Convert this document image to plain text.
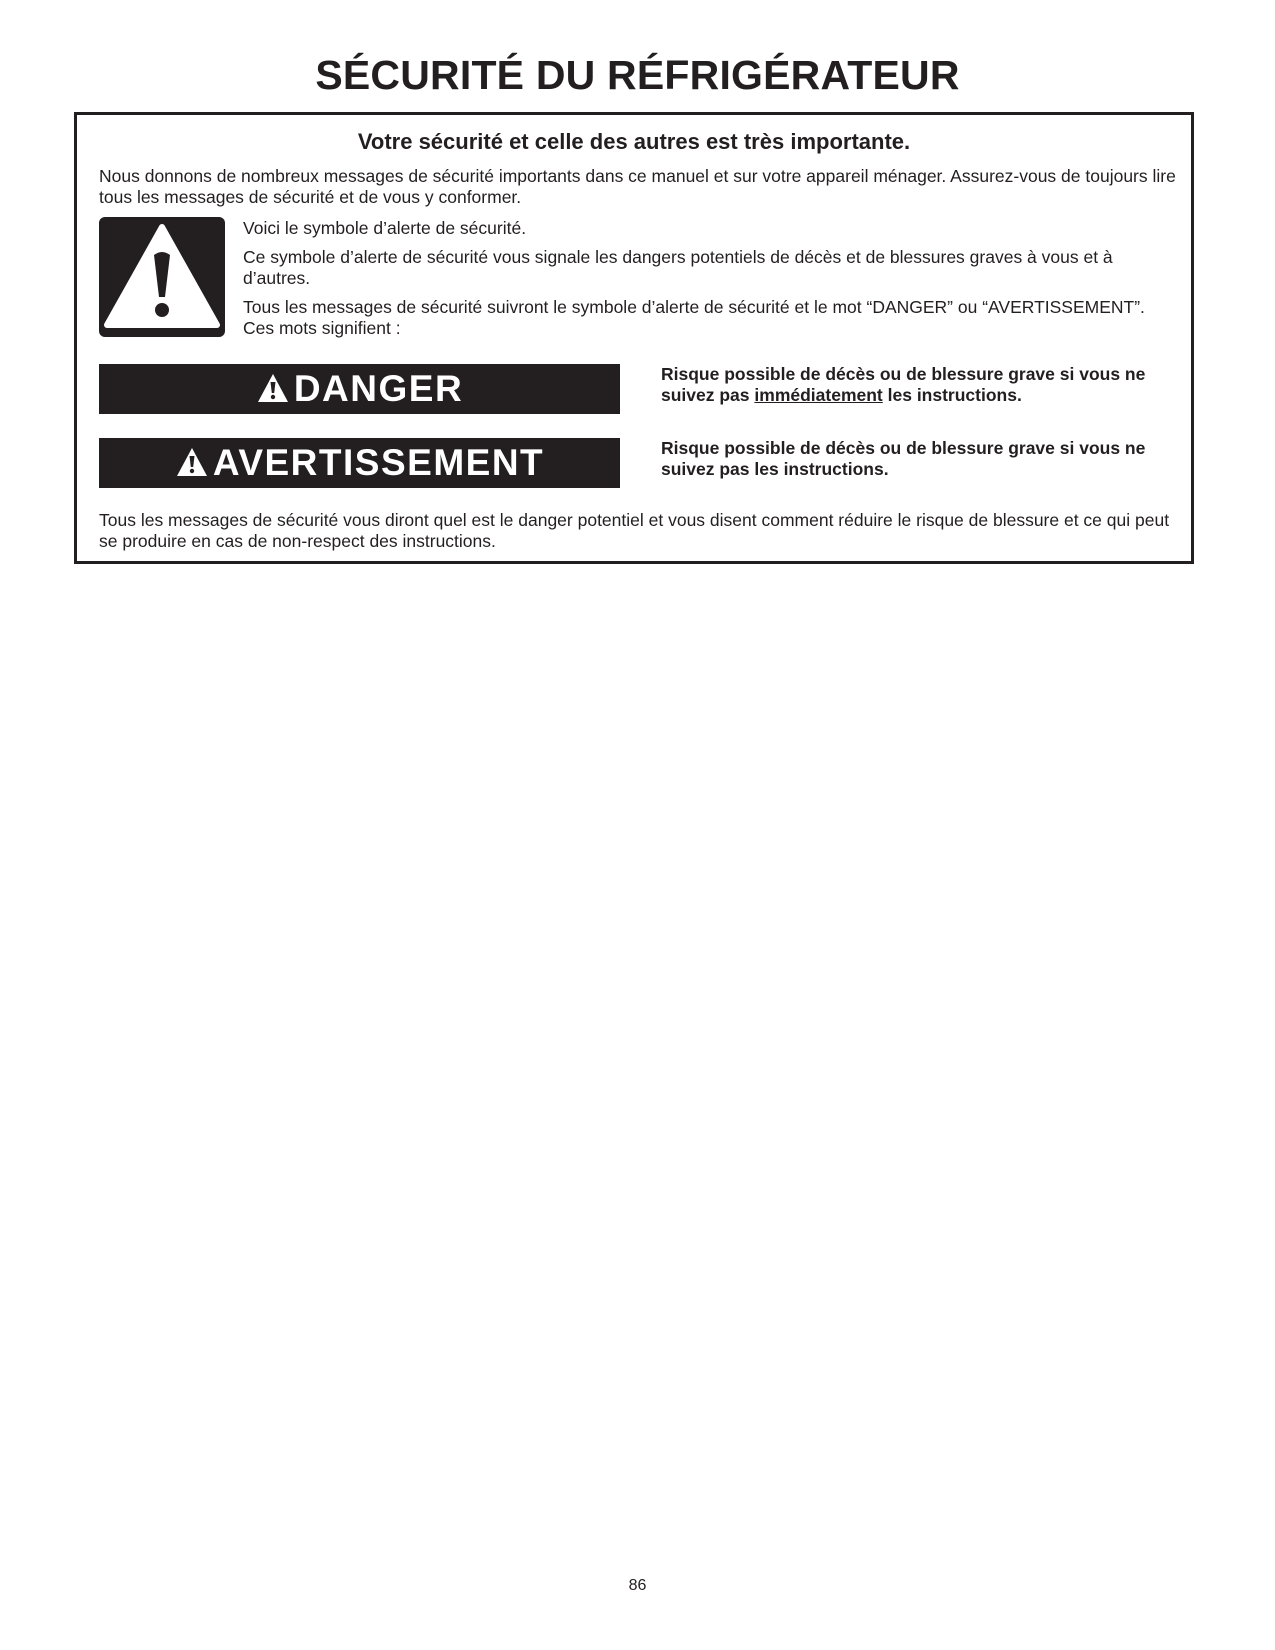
SÉCURITÉ DU RÉFRIGÉRATEUR
Votre sécurité et celle des autres est très importante.

Nous donnons de nombreux messages de sécurité importants dans ce manuel et sur votre appareil ménager. Assurez-vous de toujours lire tous les messages de sécurité et de vous y conformer.

Voici le symbole d’alerte de sécurité.

Ce symbole d’alerte de sécurité vous signale les dangers potentiels de décès et de blessures graves à vous et à d’autres.

Tous les messages de sécurité suivront le symbole d’alerte de sécurité et le mot “DANGER” ou “AVERTISSEMENT”. Ces mots signifient :

DANGER	Risque possible de décès ou de blessure grave si vous ne suivez pas immédiatement les instructions.

AVERTISSEMENT	Risque possible de décès ou de blessure grave si vous ne suivez pas les instructions.

Tous les messages de sécurité vous diront quel est le danger potentiel et vous disent comment réduire le risque de blessure et ce qui peut se produire en cas de non-respect des instructions.

86
